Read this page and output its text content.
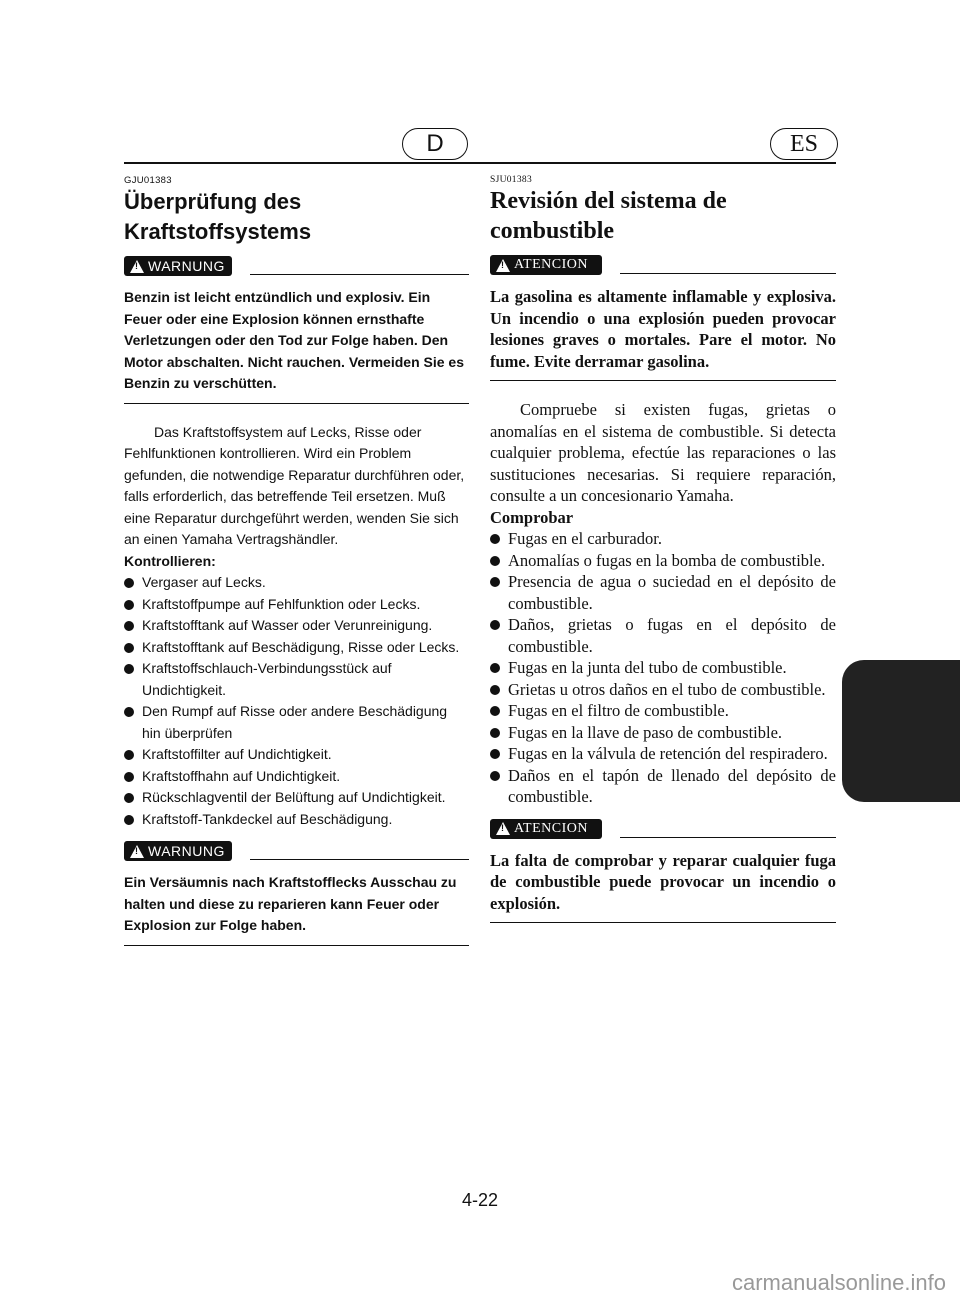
D	ES

GJU01383

Überprüfung des
Kraftstoffsystems
!
WARNUNG

Benzin ist leicht entzündlich und explosiv. Ein Feuer oder eine Explosion können ernsthafte Verletzungen oder den Tod zur Folge haben. Den Motor abschalten. Nicht rauchen. Vermeiden Sie es Benzin zu verschütten.

Das Kraftstoffsystem auf Lecks, Risse oder Fehlfunktionen kontrollieren. Wird ein Problem gefunden, die notwendige Reparatur durchführen oder, falls erforderlich, das betreffende Teil ersetzen. Muß eine Reparatur durchgeführt werden, wenden Sie sich an einen Yamaha Vertragshändler.

Kontrollieren:

Vergaser auf Lecks.
Kraftstoffpumpe auf Fehlfunktion oder Lecks.
Kraftstofftank auf Wasser oder Verunreinigung.
Kraftstofftank auf Beschädigung, Risse oder Lecks.
Kraftstoffschlauch-Verbindungsstück auf Undichtigkeit.
Den Rumpf auf Risse oder andere Beschädigung hin überprüfen
Kraftstoffilter auf Undichtigkeit.
Kraftstoffhahn auf Undichtigkeit.
Rückschlagventil der Belüftung auf Undichtigkeit.
Kraftstoff-Tankdeckel auf Beschädigung.
!
WARNUNG

Ein Versäumnis nach Kraftstofflecks Ausschau zu halten und diese zu reparieren kann Feuer oder Explosion zur Folge haben.

SJU01383

Revisión del sistema de
combustible
!
ATENCION

La gasolina es altamente inflamable y explosiva. Un incendio o una explosión pueden provocar lesiones graves o mortales. Pare el motor. No fume. Evite derramar gasolina.

Compruebe si existen fugas, grietas o anomalías en el sistema de combustible. Si detecta cualquier problema, efectúe las reparaciones o las sustituciones necesarias. Si requiere reparación, consulte a un concesionario Yamaha.

Comprobar

Fugas en el carburador.
Anomalías o fugas en la bomba de combustible.
Presencia de agua o suciedad en el depósito de combustible.
Daños, grietas o fugas en el depósito de combustible.
Fugas en la junta del tubo de combustible.
Grietas u otros daños en el tubo de combustible.
Fugas en el filtro de combustible.
Fugas en la llave de paso de combustible.
Fugas en la válvula de retención del respiradero.
Daños en el tapón de llenado del depósito de combustible.
!
ATENCION

La falta de comprobar y reparar cualquier fuga de combustible puede provocar un incendio o explosión.

4-22
carmanualsonline.info
